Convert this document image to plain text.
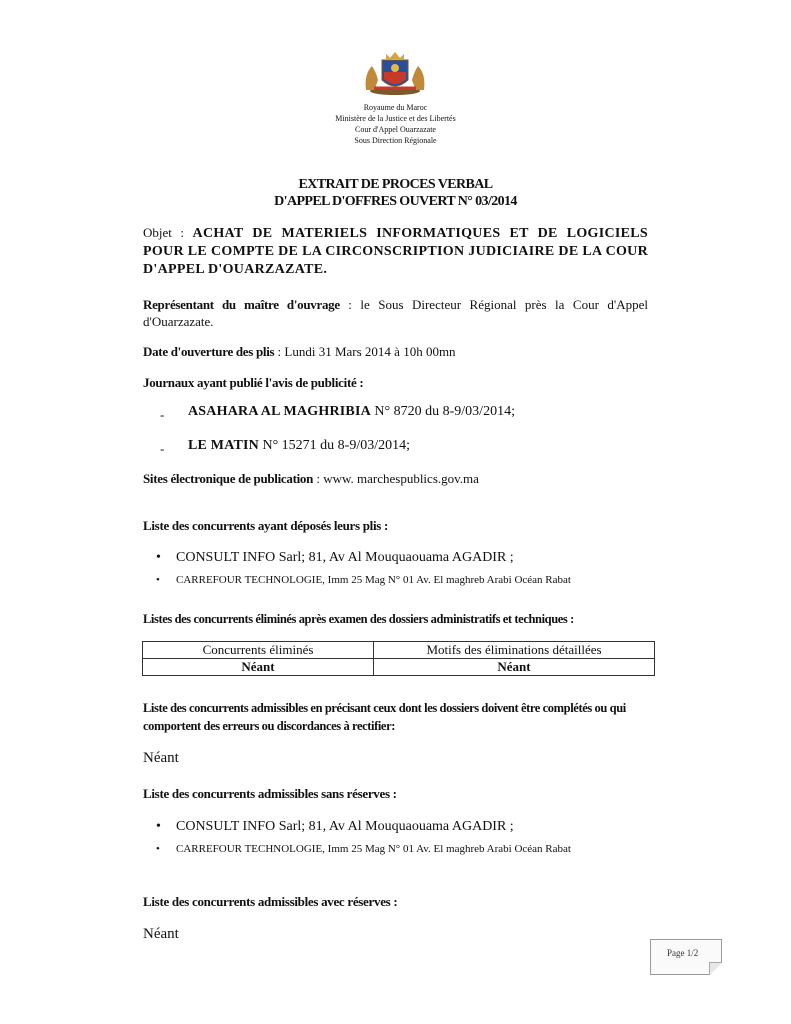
Royaume du Maroc
Ministère de la Justice et des Libertés
Cour d'Appel Ouarzazate
Sous Direction Régionale
EXTRAIT DE PROCES VERBAL
D'APPEL D'OFFRES OUVERT N° 03/2014
Objet : ACHAT DE MATERIELS INFORMATIQUES ET DE LOGICIELS POUR LE COMPTE DE LA CIRCONSCRIPTION JUDICIAIRE DE LA COUR D'APPEL D'OUARZAZATE.
Représentant du maître d'ouvrage : le Sous Directeur Régional près la Cour d'Appel d'Ouarzazate.
Date d'ouverture des plis : Lundi 31 Mars 2014 à 10h 00mn
Journaux ayant publié l'avis de publicité :
- ASAHARA AL MAGHRIBIA N° 8720 du 8-9/03/2014;
- LE MATIN N° 15271 du 8-9/03/2014;
Sites électronique de publication : www. marchespublics.gov.ma
Liste des concurrents ayant déposés leurs plis :
• CONSULT INFO Sarl; 81, Av Al Mouquaouama AGADIR ;
• CARREFOUR TECHNOLOGIE, Imm 25 Mag N° 01 Av. El maghreb Arabi Océan Rabat
Listes des concurrents éliminés après examen des dossiers administratifs et techniques :
Concurrents éliminés	Motifs des éliminations détaillées
Néant	Néant
Liste des concurrents admissibles en précisant ceux dont les dossiers doivent être complétés ou qui comportent des erreurs ou discordances à rectifier:
Néant
Liste des concurrents admissibles sans réserves :
• CONSULT INFO Sarl; 81, Av Al Mouquaouama AGADIR ;
• CARREFOUR TECHNOLOGIE, Imm 25 Mag N° 01 Av. El maghreb Arabi Océan Rabat
Liste des concurrents admissibles avec réserves :
Néant
Page 1/2
